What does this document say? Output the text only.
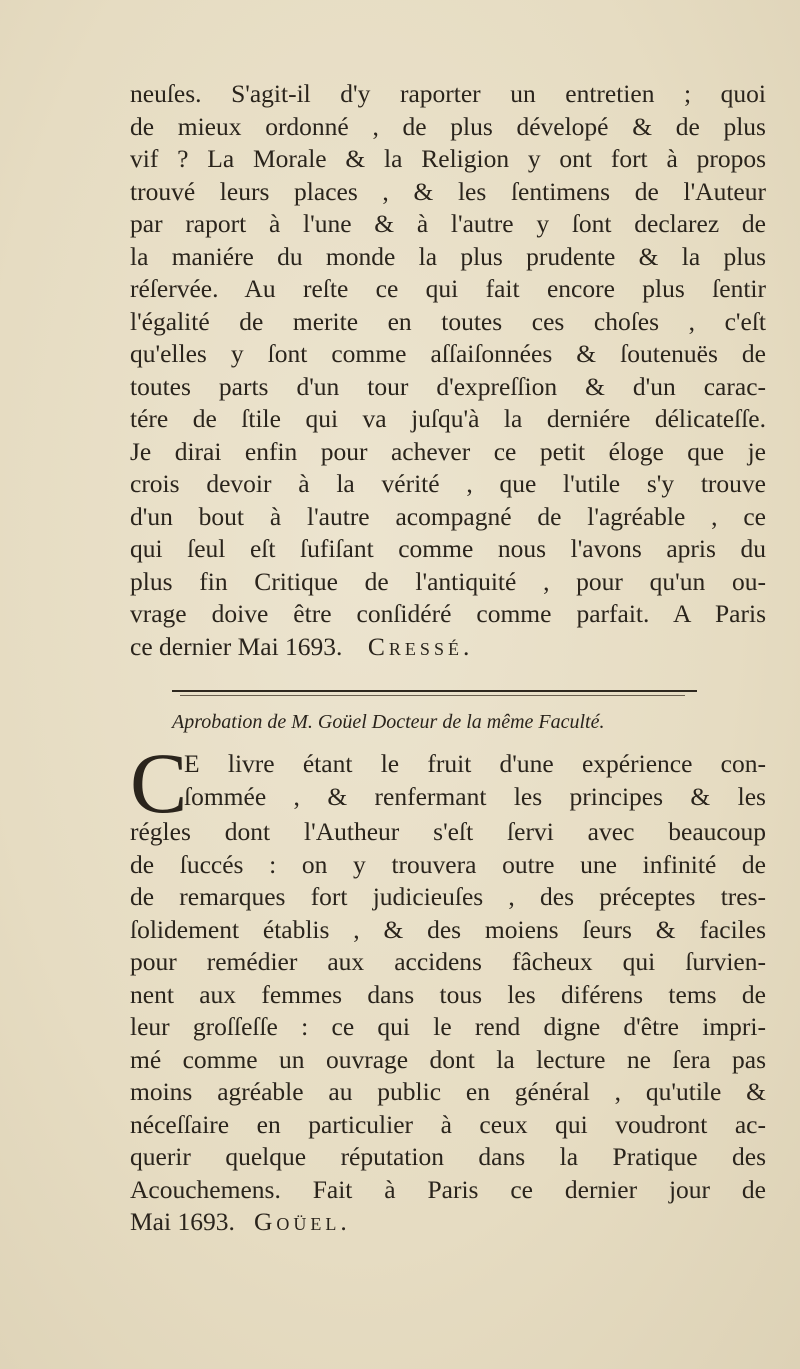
neuſes. S'agit-il d'y raporter un entretien ; quoi
de mieux ordonné , de plus dévelopé & de plus
vif ? La Morale & la Religion y ont fort à propos
trouvé leurs places , & les ſentimens de l'Auteur
par raport à l'une & à l'autre y ſont declarez de
la maniére du monde la plus prudente & la plus
réſervée. Au reſte ce qui fait encore plus ſentir
l'égalité de merite en toutes ces choſes , c'eſt
qu'elles y ſont comme aſſaiſonnées & ſoutenuës de
toutes parts d'un tour d'expreſſion & d'un carac-
tére de ſtile qui va juſqu'à la derniére délicateſſe.
Je dirai enfin pour achever ce petit éloge que je
crois devoir à la vérité , que l'utile s'y trouve
d'un bout à l'autre acompagné de l'agréable , ce
qui ſeul eſt ſufiſant comme nous l'avons apris du
plus fin Critique de l'antiquité , pour qu'un ou-
vrage doive être conſidéré comme parfait. A Paris
ce dernier Mai 1693. Cressé.
Aprobation de M. Goüel Docteur de la même Faculté.
C
E livre étant le fruit d'une expérience con-
ſommée , & renfermant les principes & les
régles dont l'Autheur s'eſt ſervi avec beaucoup
de ſuccés : on y trouvera outre une infinité de
de remarques fort judicieuſes , des préceptes tres-
ſolidement établis , & des moiens ſeurs & faciles
pour remédier aux accidens fâcheux qui ſurvien-
nent aux femmes dans tous les diférens tems de
leur groſſeſſe : ce qui le rend digne d'être impri-
mé comme un ouvrage dont la lecture ne ſera pas
moins agréable au public en général , qu'utile &
néceſſaire en particulier à ceux qui voudront ac-
querir quelque réputation dans la Pratique des
Acouchemens. Fait à Paris ce dernier jour de
Mai 1693. Goüel.
